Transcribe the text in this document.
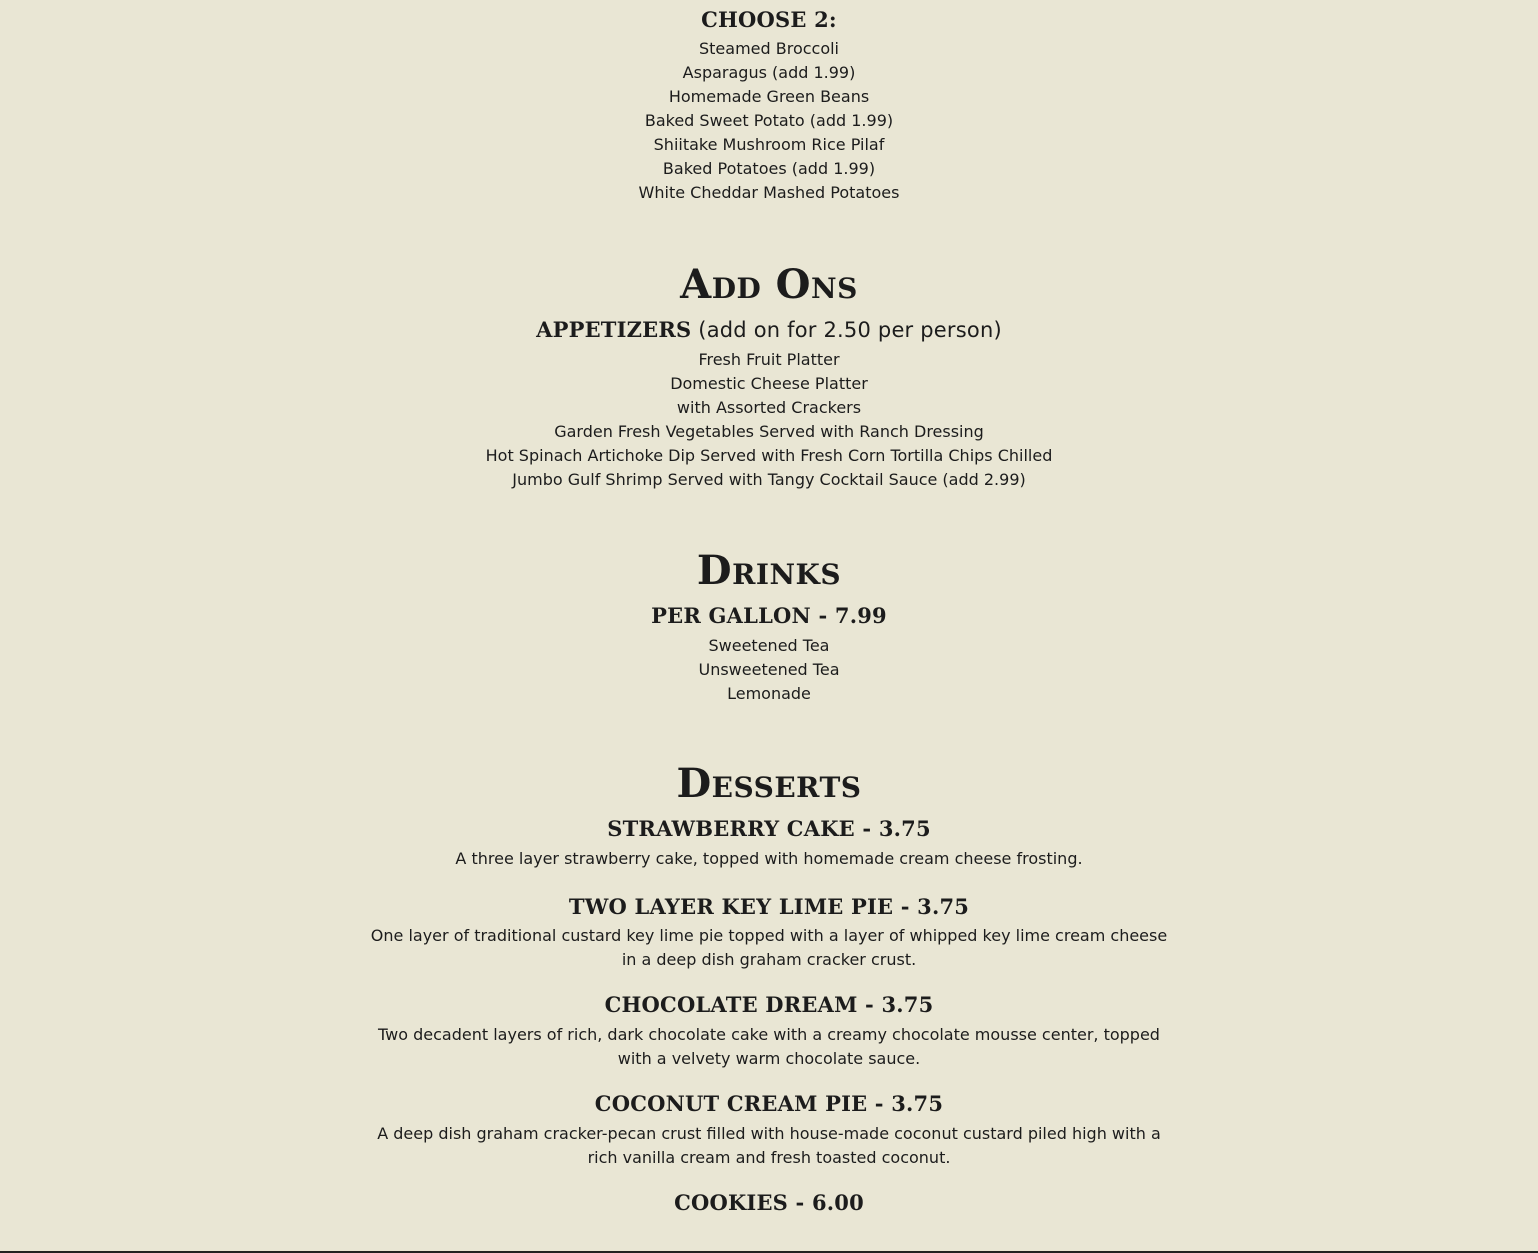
CHOOSE 2:

Steamed Broccoli

Asparagus (add 1.99)

Homemade Green Beans

Baked Sweet Potato (add 1.99)

Shiitake Mushroom Rice Pilaf

Baked Potatoes (add 1.99)

White Cheddar Mashed Potatoes

Add Ons
APPETIZERS (add on for 2.50 per person)

Fresh Fruit Platter

Domestic Cheese Platter

with Assorted Crackers

Garden Fresh Vegetables Served with Ranch Dressing

Hot Spinach Artichoke Dip Served with Fresh Corn Tortilla Chips Chilled

Jumbo Gulf Shrimp Served with Tangy Cocktail Sauce (add 2.99)

Drinks
PER GALLON - 7.99

Sweetened Tea

Unsweetened Tea

Lemonade

Desserts
STRAWBERRY CAKE - 3.75

A three layer strawberry cake, topped with homemade cream cheese frosting.

TWO LAYER KEY LIME PIE - 3.75

One layer of traditional custard key lime pie topped with a layer of whipped key lime cream cheese in a deep dish graham cracker crust.

CHOCOLATE DREAM - 3.75

Two decadent layers of rich, dark chocolate cake with a creamy chocolate mousse center, topped with a velvety warm chocolate sauce.

COCONUT CREAM PIE - 3.75

A deep dish graham cracker-pecan crust filled with house-made coconut custard piled high with a rich vanilla cream and fresh toasted coconut.

COOKIES - 6.00
